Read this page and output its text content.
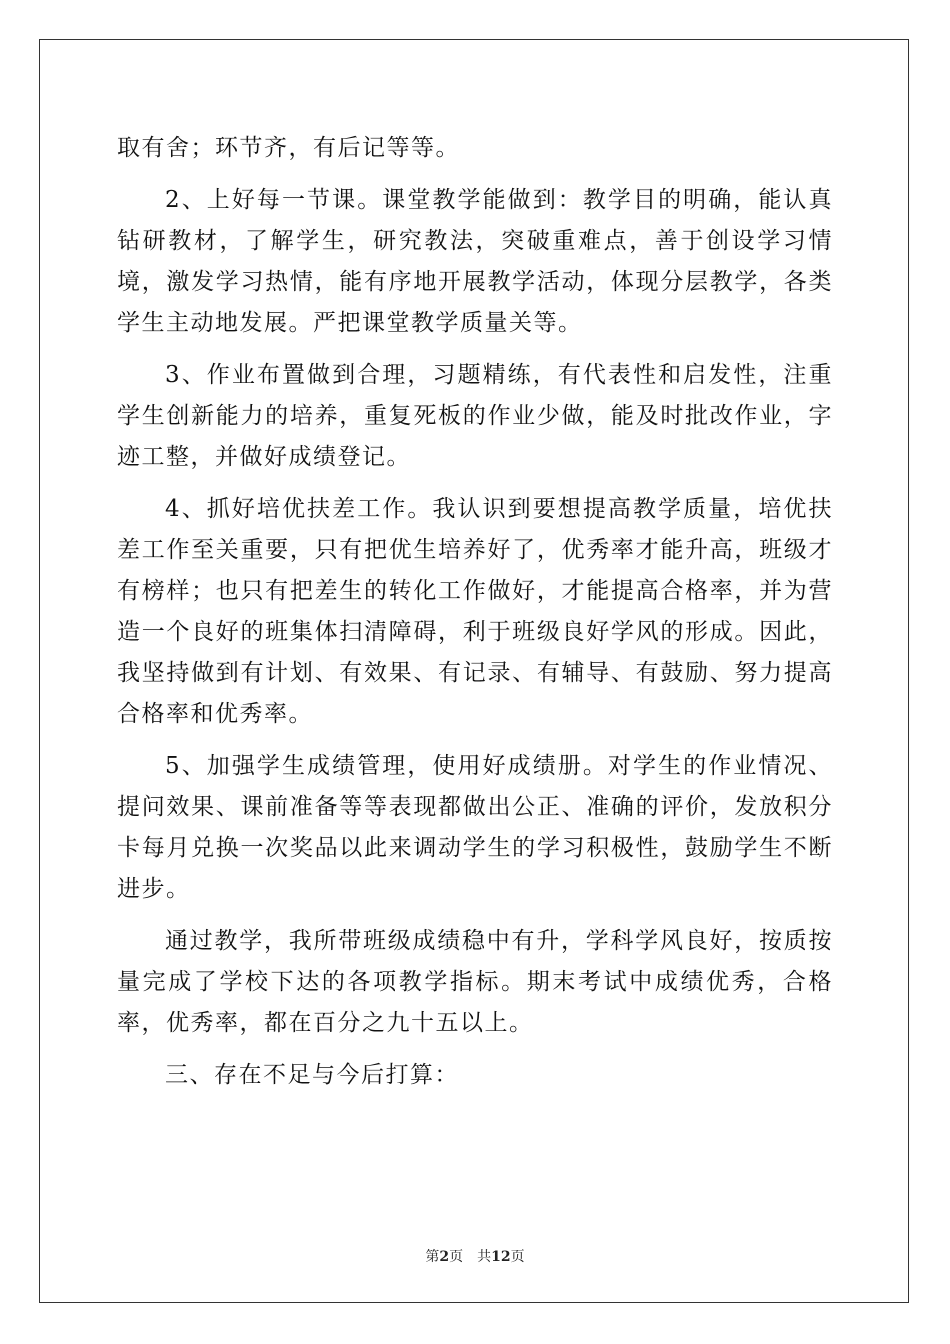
取有舍；环节齐，有后记等等。

2、上好每一节课。课堂教学能做到：教学目的明确，能认真钻研教材，了解学生，研究教法，突破重难点，善于创设学习情境，激发学习热情，能有序地开展教学活动，体现分层教学，各类学生主动地发展。严把课堂教学质量关等。

3、作业布置做到合理，习题精练，有代表性和启发性，注重学生创新能力的培养，重复死板的作业少做，能及时批改作业，字迹工整，并做好成绩登记。

4、抓好培优扶差工作。我认识到要想提高教学质量，培优扶差工作至关重要，只有把优生培养好了，优秀率才能升高，班级才有榜样；也只有把差生的转化工作做好，才能提高合格率，并为营造一个良好的班集体扫清障碍，利于班级良好学风的形成。因此，我坚持做到有计划、有效果、有记录、有辅导、有鼓励、努力提高合格率和优秀率。

5、加强学生成绩管理，使用好成绩册。对学生的作业情况、提问效果、课前准备等等表现都做出公正、准确的评价，发放积分卡每月兑换一次奖品以此来调动学生的学习积极性，鼓励学生不断进步。

通过教学，我所带班级成绩稳中有升，学科学风良好，按质按量完成了学校下达的各项教学指标。期末考试中成绩优秀，合格率，优秀率，都在百分之九十五以上。

三、存在不足与今后打算：

第2页 共12页
